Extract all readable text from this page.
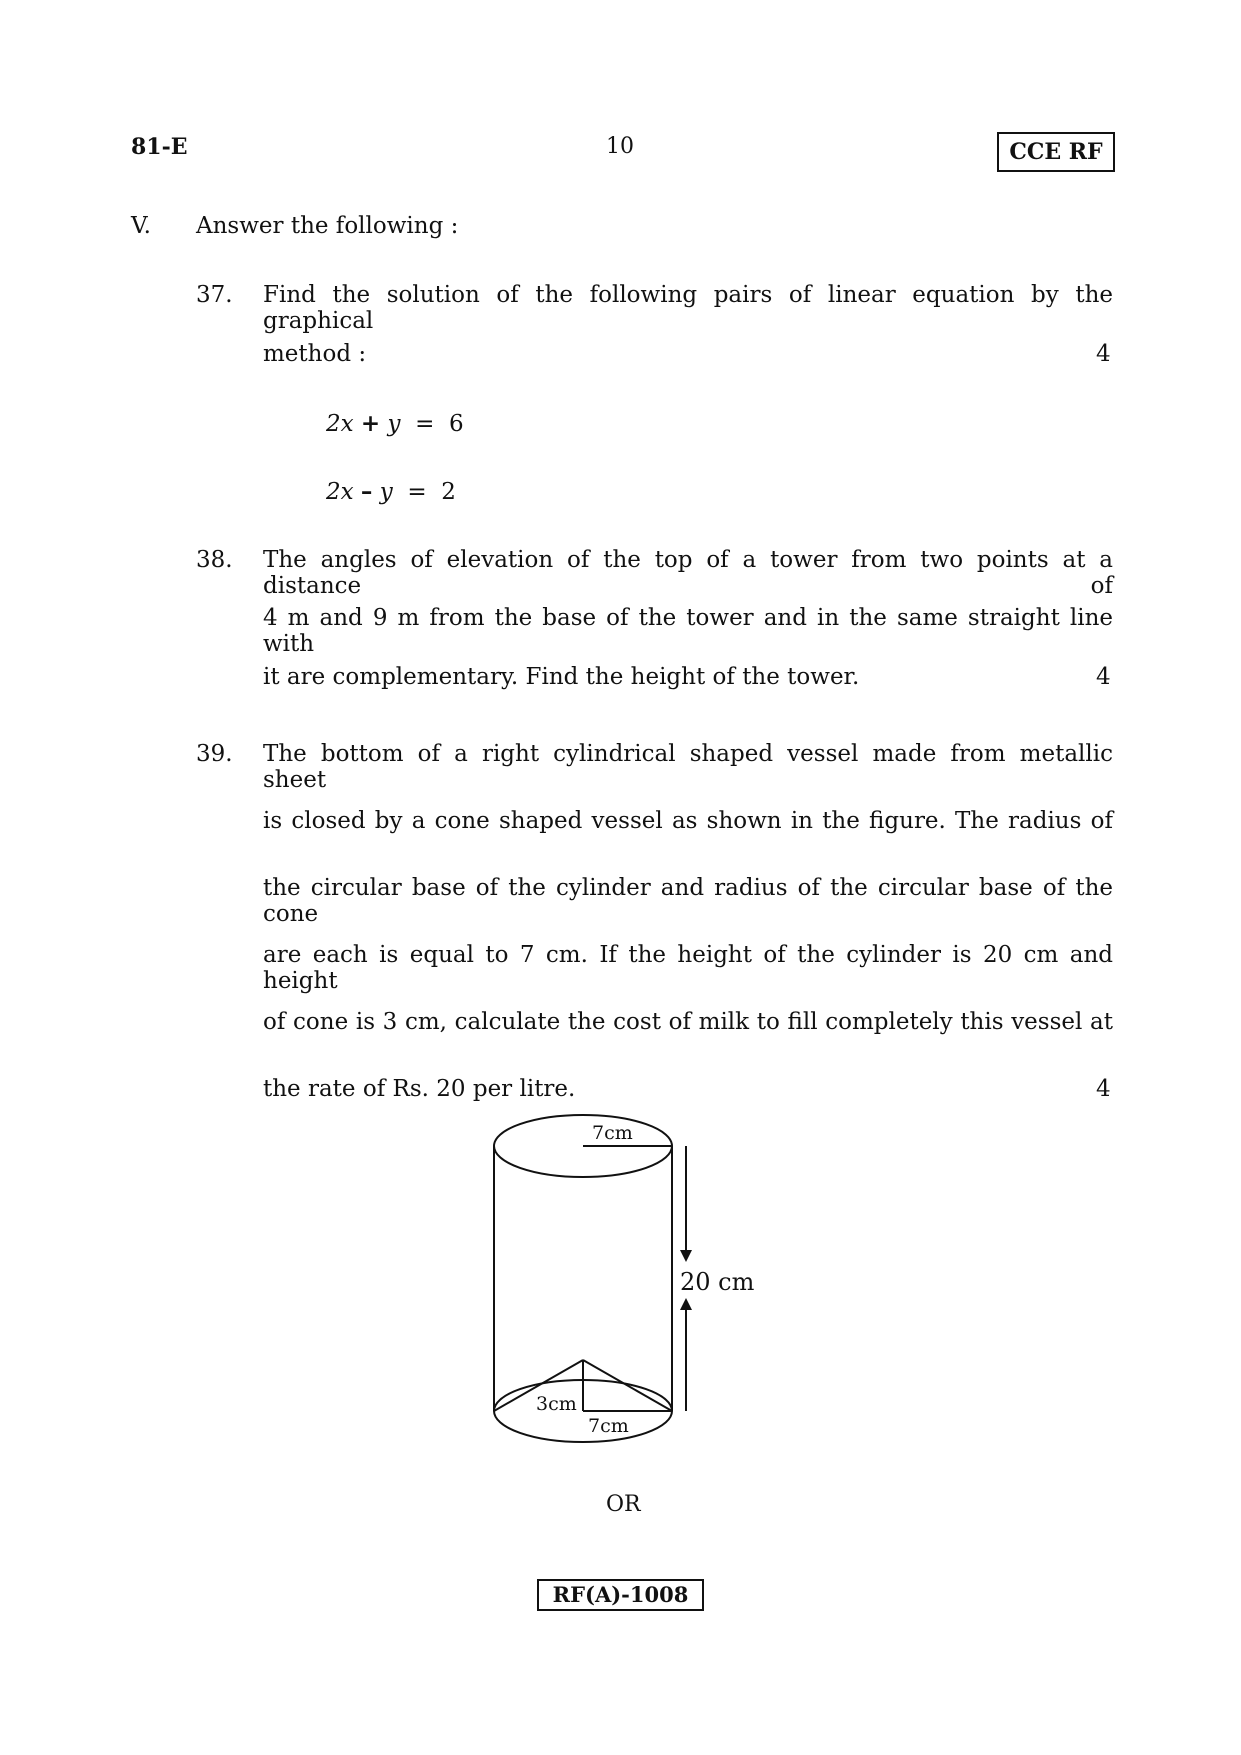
81-E	10	CCE RF
V. Answer the following :
37. Find the solution of the following pairs of linear equation by the graphical
method :	4
2x + y = 6
2x – y = 2
38. The angles of elevation of the top of a tower from two points at a distance of
4 m and 9 m from the base of the tower and in the same straight line with
it are complementary. Find the height of the tower.	4
39. The bottom of a right cylindrical shaped vessel made from metallic sheet
is closed by a cone shaped vessel as shown in the figure. The radius of
the circular base of the cylinder and radius of the circular base of the cone
are each is equal to 7 cm. If the height of the cylinder is 20 cm and height
of cone is 3 cm, calculate the cost of milk to fill completely this vessel at
the rate of Rs. 20 per litre.	4
7cm
20 cm
3cm
7cm
OR
RF(A)-1008
